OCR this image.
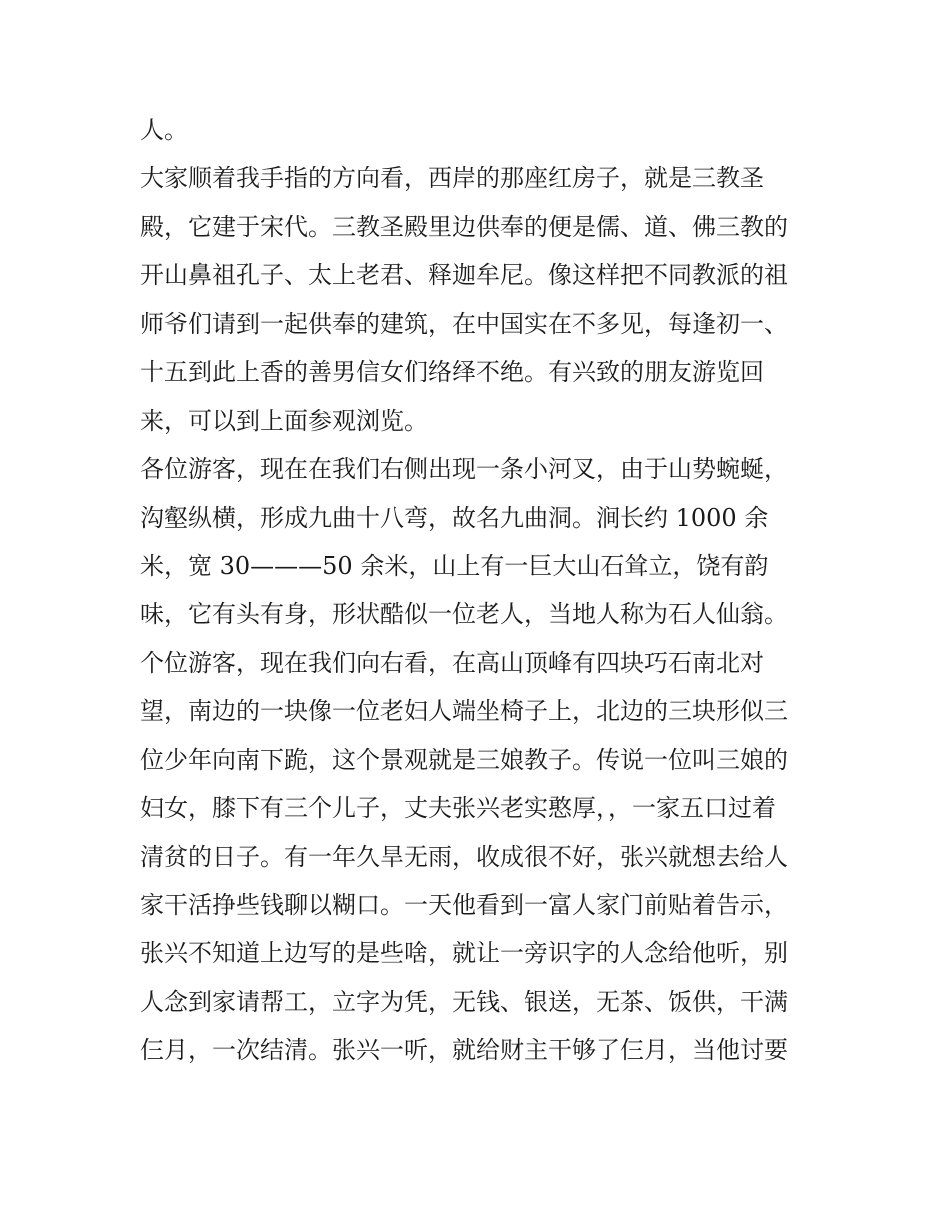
人。
大家顺着我手指的方向看，西岸的那座红房子，就是三教圣
殿，它建于宋代。三教圣殿里边供奉的便是儒、道、佛三教的
开山鼻祖孔子、太上老君、释迦牟尼。像这样把不同教派的祖
师爷们请到一起供奉的建筑，在中国实在不多见，每逢初一、
十五到此上香的善男信女们络绎不绝。有兴致的朋友游览回
来，可以到上面参观浏览。
各位游客，现在在我们右侧出现一条小河叉，由于山势蜿蜒，
沟壑纵横，形成九曲十八弯，故名九曲洞。涧长约 1000 余
米，宽 30———50 余米，山上有一巨大山石耸立，饶有韵
味，它有头有身，形状酷似一位老人，当地人称为石人仙翁。
个位游客，现在我们向右看，在高山顶峰有四块巧石南北对
望，南边的一块像一位老妇人端坐椅子上，北边的三块形似三
位少年向南下跪，这个景观就是三娘教子。传说一位叫三娘的
妇女，膝下有三个儿子，丈夫张兴老实憨厚，，一家五口过着
清贫的日子。有一年久旱无雨，收成很不好，张兴就想去给人
家干活挣些钱聊以糊口。一天他看到一富人家门前贴着告示，
张兴不知道上边写的是些啥，就让一旁识字的人念给他听，别
人念到家请帮工，立字为凭，无钱、银送，无茶、饭供，干满
仨月，一次结清。张兴一听，就给财主干够了仨月，当他讨要
